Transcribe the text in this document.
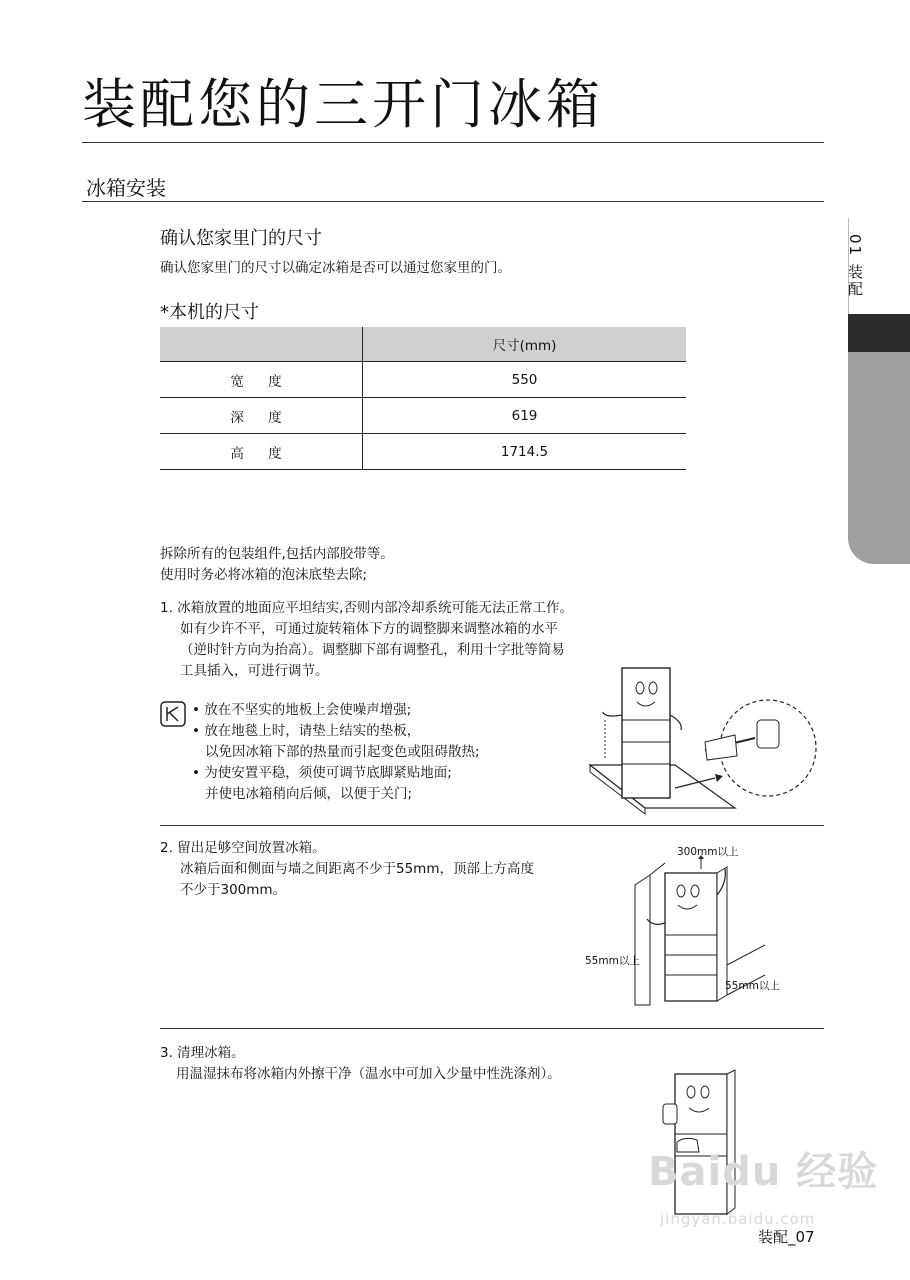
装配您的三开门冰箱
冰箱安装
01 装配
确认您家里门的尺寸
确认您家里门的尺寸以确定冰箱是否可以通过您家里的门。
*本机的尺寸
	尺寸(mm)
宽 度	550
深 度	619
高 度	1714.5
拆除所有的包装组件,包括内部胶带等。
使用时务必将冰箱的泡沫底垫去除;
1. 冰箱放置的地面应平坦结实,否则内部冷却系统可能无法正常工作。
如有少许不平，可通过旋转箱体下方的调整脚来调整冰箱的水平
（逆时针方向为抬高）。调整脚下部有调整孔，利用十字批等简易
工具插入，可进行调节。
• 放在不坚实的地板上会使噪声增强;
• 放在地毯上时，请垫上结实的垫板，
以免因冰箱下部的热量而引起变色或阻碍散热;
• 为使安置平稳，须使可调节底脚紧贴地面;
并使电冰箱稍向后倾，以便于关门;
2. 留出足够空间放置冰箱。
冰箱后面和侧面与墙之间距离不少于55mm，顶部上方高度
不少于300mm。
300mm以上
55mm以上
55mm以上
3. 清理冰箱。
用温湿抹布将冰箱内外擦干净（温水中可加入少量中性洗涤剂）。
Baidu 经验
jingyan.baidu.com
装配_07
